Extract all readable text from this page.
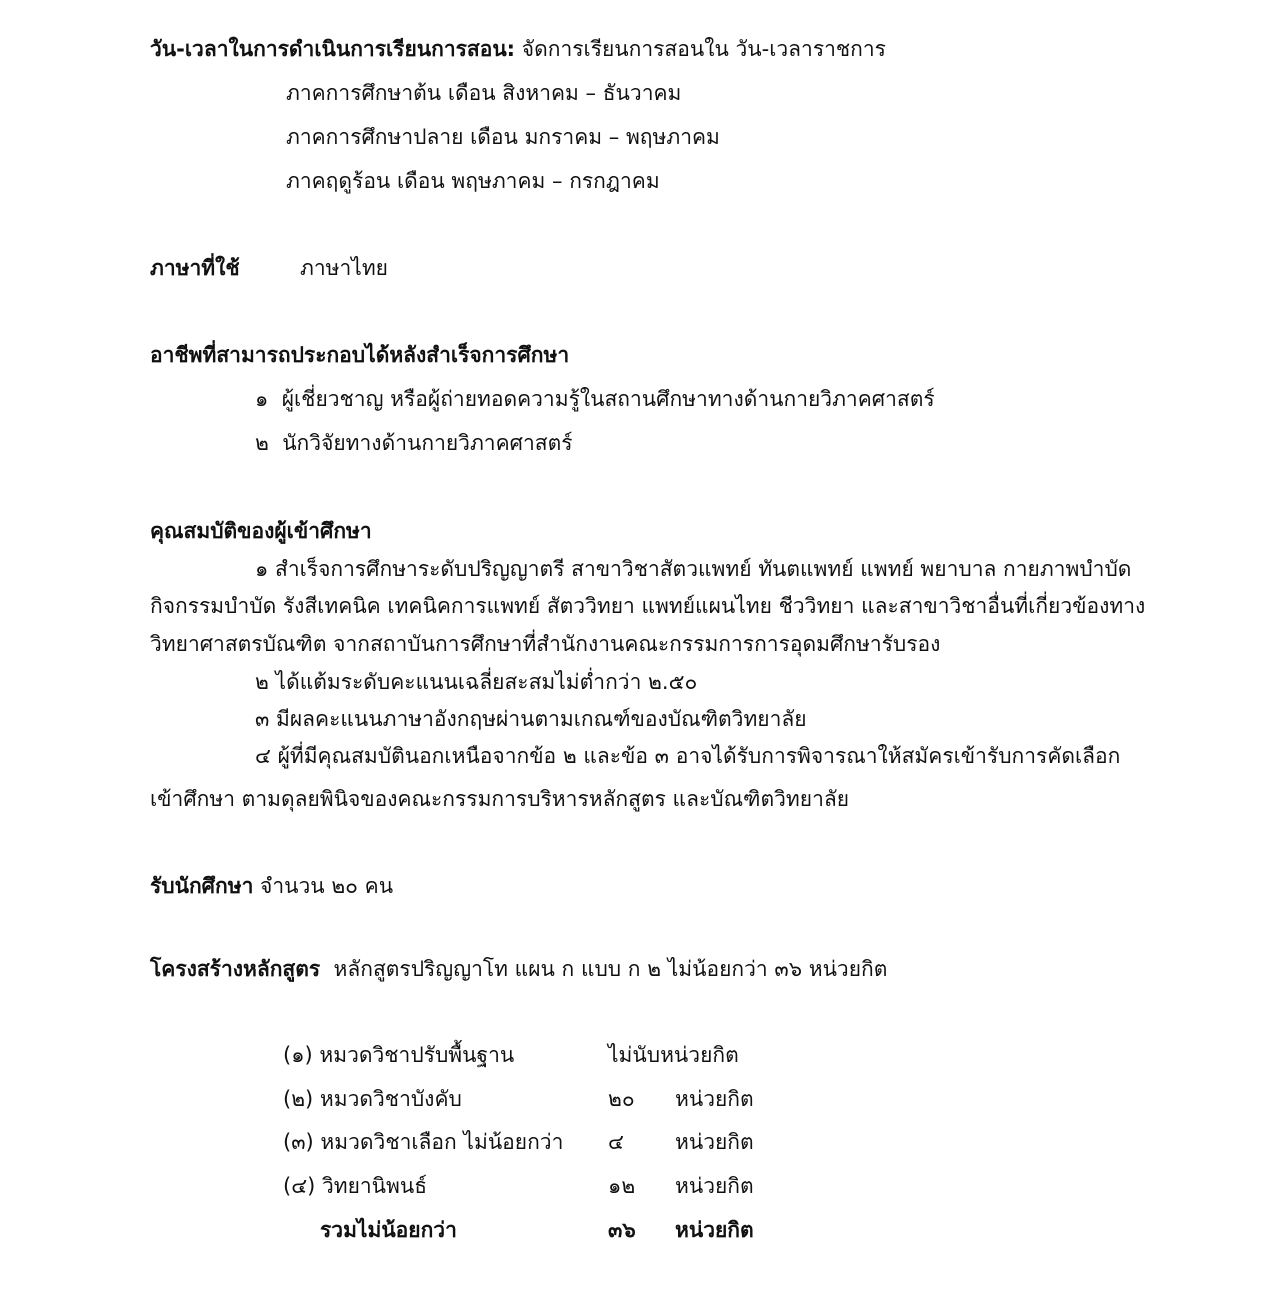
วัน-เวลาในการดำเนินการเรียนการสอน: จัดการเรียนการสอนใน วัน-เวลาราชการ
ภาคการศึกษาต้น เดือน สิงหาคม – ธันวาคม
ภาคการศึกษาปลาย เดือน มกราคม – พฤษภาคม
ภาคฤดูร้อน เดือน พฤษภาคม – กรกฎาคม
ภาษาที่ใช้	ภาษาไทย
อาชีพที่สามารถประกอบได้หลังสำเร็จการศึกษา
๑ ผู้เชี่ยวชาญ หรือผู้ถ่ายทอดความรู้ในสถานศึกษาทางด้านกายวิภาคศาสตร์
๒ นักวิจัยทางด้านกายวิภาคศาสตร์
คุณสมบัติของผู้เข้าศึกษา
๑ สำเร็จการศึกษาระดับปริญญาตรี สาขาวิชาสัตวแพทย์ ทันตแพทย์ แพทย์ พยาบาล กายภาพบำบัด
กิจกรรมบำบัด รังสีเทคนิค เทคนิคการแพทย์ สัตววิทยา แพทย์แผนไทย ชีววิทยา และสาขาวิชาอื่นที่เกี่ยวข้องทาง
วิทยาศาสตรบัณฑิต จากสถาบันการศึกษาที่สำนักงานคณะกรรมการการอุดมศึกษารับรอง
๒ ได้แต้มระดับคะแนนเฉลี่ยสะสมไม่ต่ำกว่า ๒.๕๐
๓ มีผลคะแนนภาษาอังกฤษผ่านตามเกณฑ์ของบัณฑิตวิทยาลัย
๔ ผู้ที่มีคุณสมบัตินอกเหนือจากข้อ ๒ และข้อ ๓ อาจได้รับการพิจารณาให้สมัครเข้ารับการคัดเลือก
เข้าศึกษา ตามดุลยพินิจของคณะกรรมการบริหารหลักสูตร และบัณฑิตวิทยาลัย
รับนักศึกษา จำนวน ๒๐ คน
โครงสร้างหลักสูตร หลักสูตรปริญญาโท แผน ก แบบ ก ๒ ไม่น้อยกว่า ๓๖ หน่วยกิต
(๑) หมวดวิชาปรับพื้นฐาน	ไม่นับหน่วยกิต
(๒) หมวดวิชาบังคับ	๒๐ หน่วยกิต
(๓) หมวดวิชาเลือก ไม่น้อยกว่า ๔ หน่วยกิต
(๔) วิทยานิพนธ์	๑๒ หน่วยกิต
รวมไม่น้อยกว่า	๓๖ หน่วยกิต
